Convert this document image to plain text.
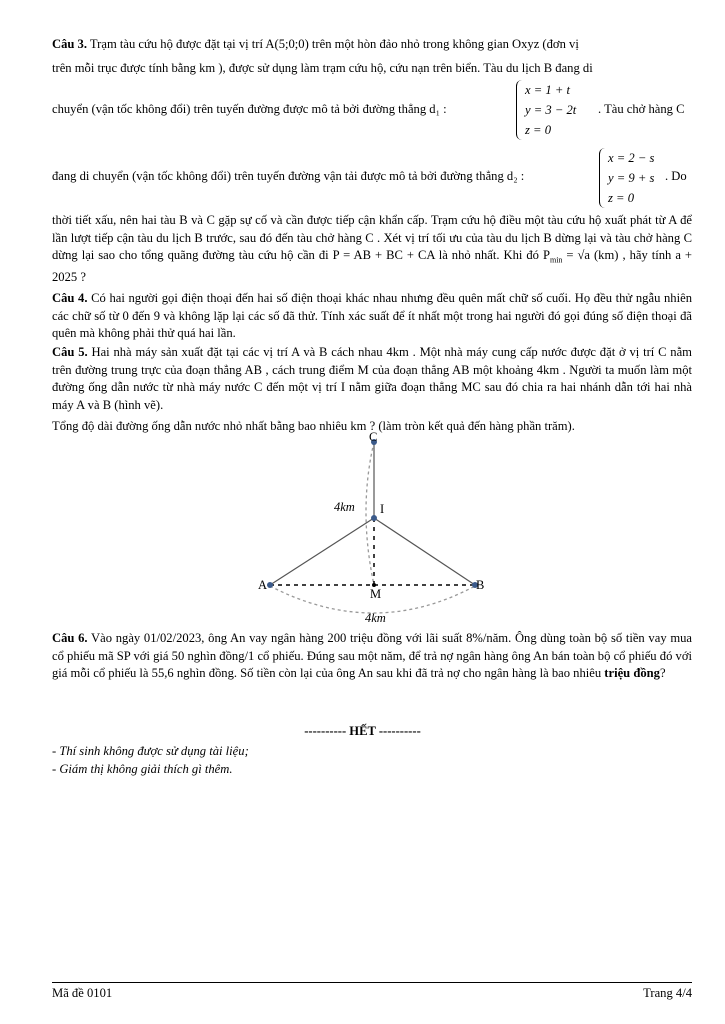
Câu 3. Trạm tàu cứu hộ được đặt tại vị trí A(5;0;0) trên một hòn đảo nhỏ trong không gian Oxyz (đơn vị
trên mỗi trục được tính bằng km ), được sử dụng làm trạm cứu hộ, cứu nạn trên biển. Tàu du lịch B đang di
chuyển (vận tốc không đổi) trên tuyến đường được mô tả bởi đường thẳng d₁ :
x = 1 + t
y = 3 − 2t
z = 0
. Tàu chở hàng C
đang di chuyển (vận tốc không đổi) trên tuyến đường vận tải được mô tả bởi đường thẳng d₂ :
x = 2 − s
y = 9 + s
z = 0
. Do
thời tiết xấu, nên hai tàu B và C gặp sự cố và cần được tiếp cận khẩn cấp. Trạm cứu hộ điều một tàu cứu hộ xuất phát từ A để lần lượt tiếp cận tàu du lịch B trước, sau đó đến tàu chở hàng C . Xét vị trí tối ưu của tàu du lịch B dừng lại và tàu chở hàng C dừng lại sao cho tổng quãng đường tàu cứu hộ cần đi P = AB + BC + CA là nhỏ nhất. Khi đó $P_{min} = √a$ (km) , hãy tính a + 2025 ?
Câu 4. Có hai người gọi điện thoại đến hai số điện thoại khác nhau nhưng đều quên mất chữ số cuối. Họ đều thử ngẫu nhiên các chữ số từ 0 đến 9 và không lặp lại các số đã thử. Tính xác suất để ít nhất một trong hai người đó gọi đúng số điện thoại đã quên mà không phải thử quá hai lần.
Câu 5. Hai nhà máy sản xuất đặt tại các vị trí A và B cách nhau 4km . Một nhà máy cung cấp nước được đặt ở vị trí C nằm trên đường trung trực của đoạn thẳng AB , cách trung điểm M của đoạn thẳng AB một khoảng 4km . Người ta muốn làm một đường ống dẫn nước từ nhà máy nước C đến một vị trí I nằm giữa đoạn thẳng MC sau đó chia ra hai nhánh dẫn tới hai nhà máy A và B (hình vẽ).
Tổng độ dài đường ống dẫn nước nhỏ nhất bằng bao nhiêu km ? (làm tròn kết quả đến hàng phần trăm).
C
I
A	B
M
4km
4km
Câu 6. Vào ngày 01/02/2023, ông An vay ngân hàng 200 triệu đồng với lãi suất 8%/năm. Ông dùng toàn bộ số tiền vay mua cổ phiếu mã SP với giá 50 nghìn đồng/1 cổ phiếu. Đúng sau một năm, để trả nợ ngân hàng ông An bán toàn bộ cổ phiếu đó với giá mỗi cổ phiếu là 55,6 nghìn đồng. Số tiền còn lại của ông An sau khi đã trả nợ cho ngân hàng là bao nhiêu triệu đồng?
---------- HẾT ----------
- Thí sinh không được sử dụng tài liệu;
- Giám thị không giải thích gì thêm.
Mã đề 0101	Trang 4/4
